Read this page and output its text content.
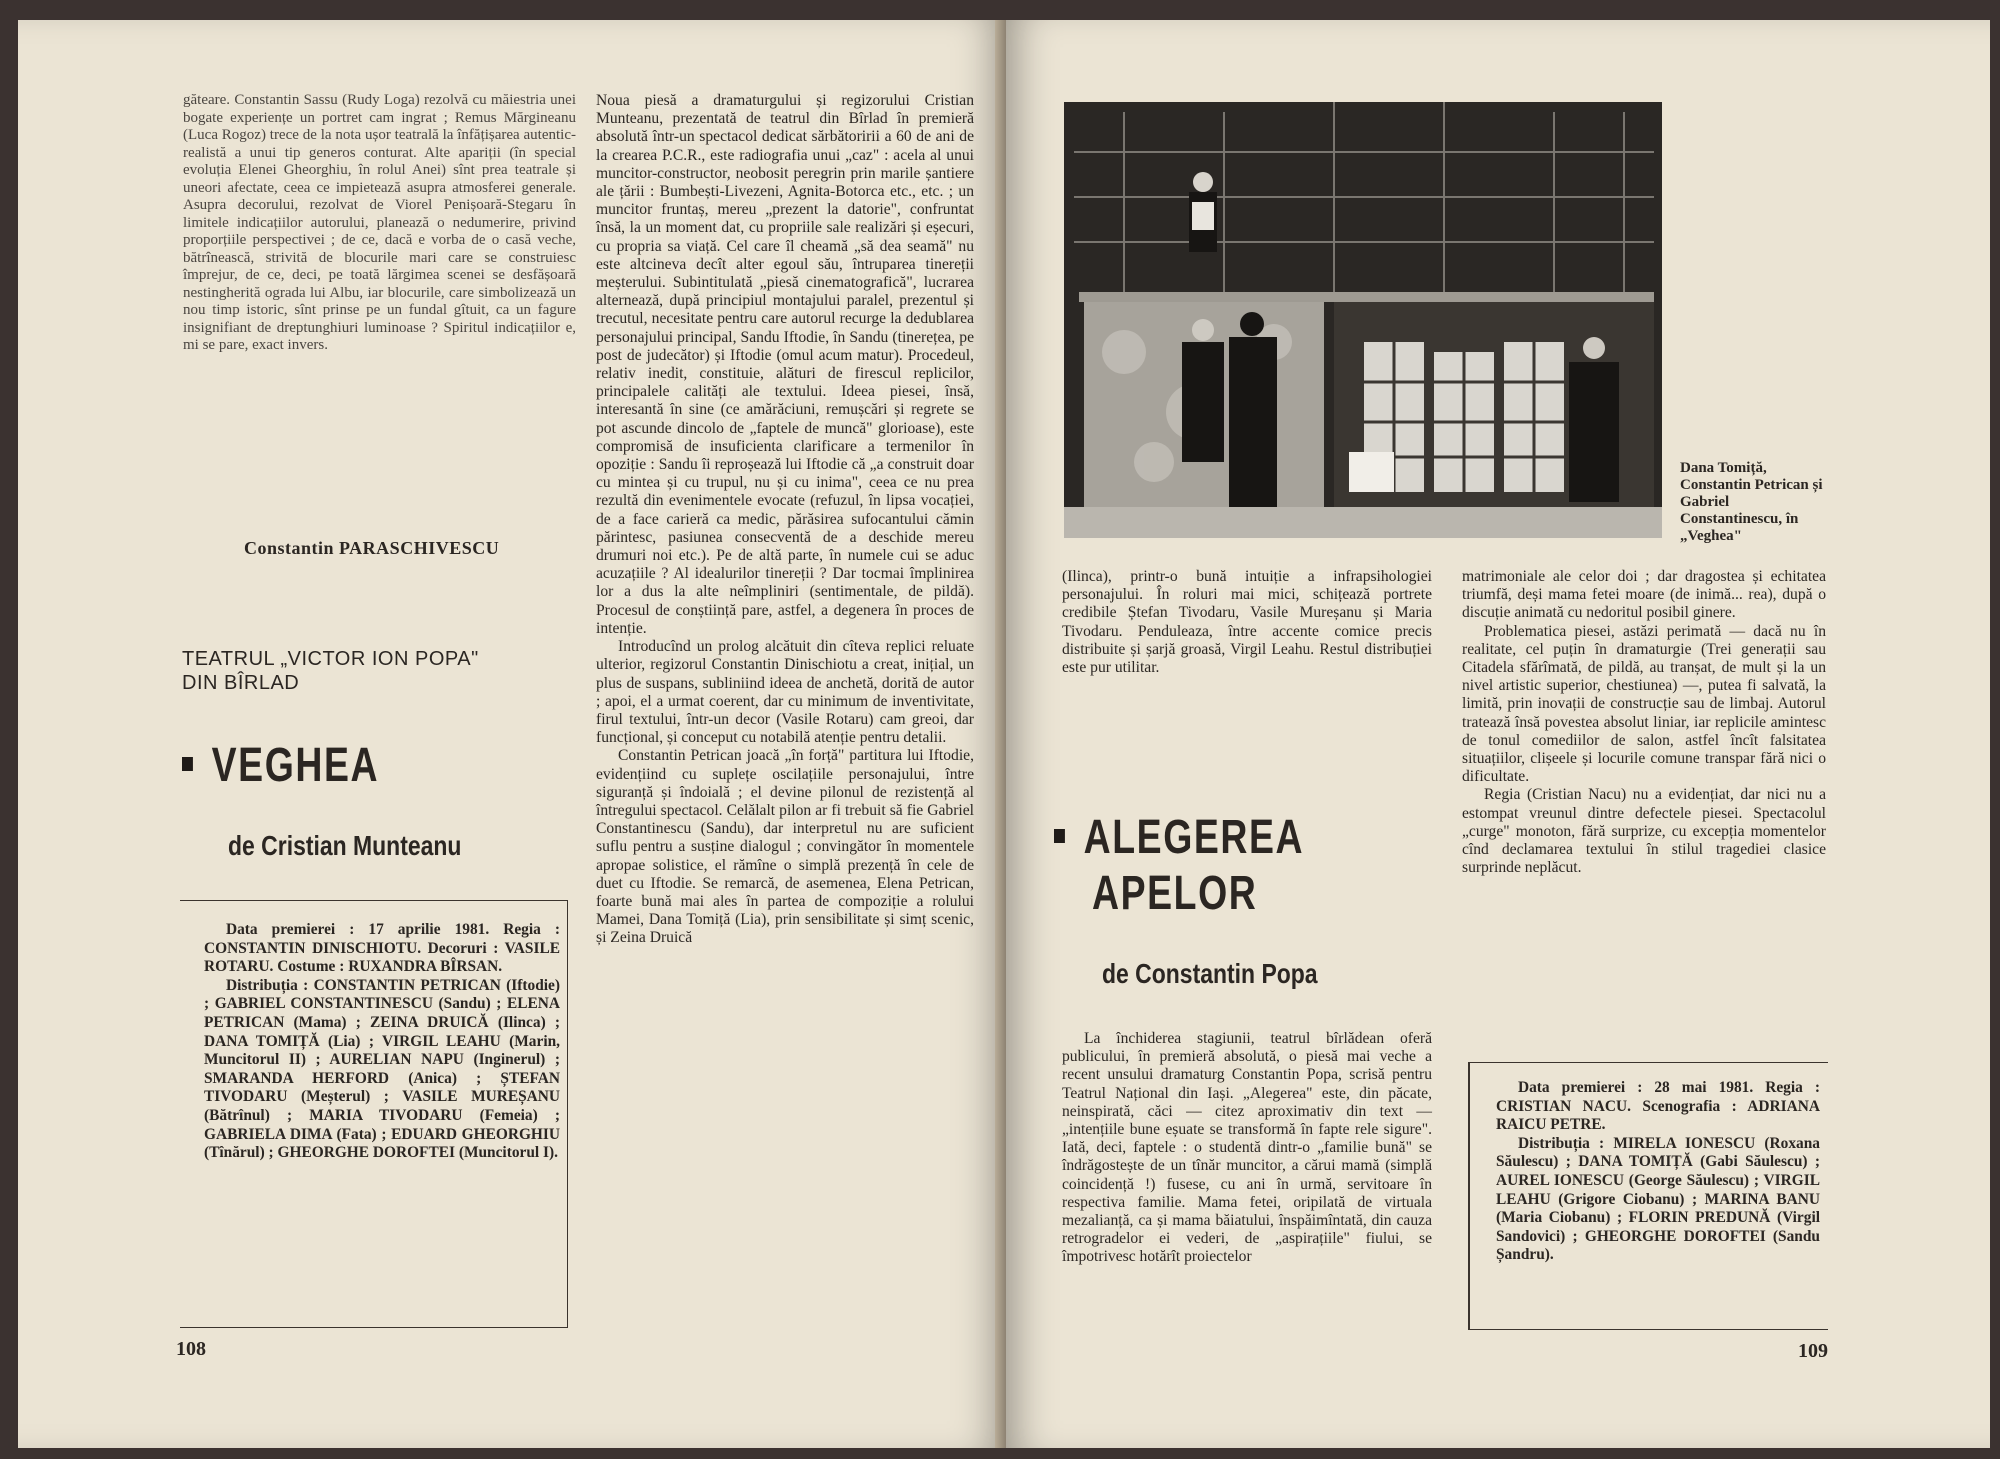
găteare. Constantin Sassu (Rudy Loga) rezolvă cu măiestria unei bogate experiențe un portret cam ingrat ; Remus Mărgineanu (Luca Rogoz) trece de la nota ușor teatrală la înfățișarea autentic-realistă a unui tip generos conturat. Alte apariții (în special evoluția Elenei Gheorghiu, în rolul Anei) sînt prea teatrale și uneori afectate, ceea ce impietează asupra atmosferei generale. Asupra decorului, rezolvat de Viorel Penișoară-Stegaru în limitele indicațiilor autorului, planează o nedumerire, privind proporțiile perspectivei ; de ce, dacă e vorba de o casă veche, bătrînească, strivită de blocurile mari care se construiesc împrejur, de ce, deci, pe toată lărgimea scenei se desfășoară nestingherită ograda lui Albu, iar blocurile, care simbolizează un nou timp istoric, sînt prinse pe un fundal gîtuit, ca un fagure insignifiant de dreptunghiuri luminoase ? Spiritul indicațiilor e, mi se pare, exact invers.

Constantin PARASCHIVESCU
TEATRUL „VICTOR ION POPA" DIN BÎRLAD
VEGHEA
de Cristian Munteanu

Data premierei : 17 aprilie 1981. Regia : CONSTANTIN DINISCHIOTU. Decoruri : VASILE ROTARU. Costume : RUXANDRA BÎRSAN.

Distribuția : CONSTANTIN PETRICAN (Iftodie) ; GABRIEL CONSTANTINESCU (Sandu) ; ELENA PETRICAN (Mama) ; ZEINA DRUICĂ (Ilinca) ; DANA TOMIȚĂ (Lia) ; VIRGIL LEAHU (Marin, Muncitorul II) ; AURELIAN NAPU (Inginerul) ; SMARANDA HERFORD (Anica) ; ȘTEFAN TIVODARU (Meșterul) ; VASILE MUREȘANU (Bătrînul) ; MARIA TIVODARU (Femeia) ; GABRIELA DIMA (Fata) ; EDUARD GHEORGHIU (Tînărul) ; GHEORGHE DOROFTEI (Muncitorul I).

Noua piesă a dramaturgului și regizorului Cristian Munteanu, prezentată de teatrul din Bîrlad în premieră absolută într-un spectacol dedicat sărbătoririi a 60 de ani de la crearea P.C.R., este radiografia unui „caz" : acela al unui muncitor-constructor, neobosit peregrin prin marile șantiere ale țării : Bumbești-Livezeni, Agnita-Botorca etc., etc. ; un muncitor fruntaș, mereu „prezent la datorie", confruntat însă, la un moment dat, cu propriile sale realizări și eșecuri, cu propria sa viață. Cel care îl cheamă „să dea seamă" nu este altcineva decît alter egoul său, întruparea tinereții meșterului. Subintitulată „piesă cinematografică", lucrarea alternează, după principiul montajului paralel, prezentul și trecutul, necesitate pentru care autorul recurge la dedublarea personajului principal, Sandu Iftodie, în Sandu (tinerețea, pe post de judecător) și Iftodie (omul acum matur). Procedeul, relativ inedit, constituie, alături de firescul replicilor, principalele calități ale textului. Ideea piesei, însă, interesantă în sine (ce amărăciuni, remușcări și regrete se pot ascunde dincolo de „faptele de muncă" glorioase), este compromisă de insuficienta clarificare a termenilor în opoziție : Sandu îi reproșează lui Iftodie că „a construit doar cu mintea și cu trupul, nu și cu inima", ceea ce nu prea rezultă din evenimentele evocate (refuzul, în lipsa vocației, de a face carieră ca medic, părăsirea sufocantului cămin părintesc, pasiunea consecventă de a deschide mereu drumuri noi etc.). Pe de altă parte, în numele cui se aduc acuzațiile ? Al idealurilor tinereții ? Dar tocmai împlinirea lor a dus la alte neîmpliniri (sentimentale, de pildă). Procesul de conștiință pare, astfel, a degenera în proces de intenție.

Introducînd un prolog alcătuit din cîteva replici reluate ulterior, regizorul Constantin Dinischiotu a creat, inițial, un plus de suspans, subliniind ideea de anchetă, dorită de autor ; apoi, el a urmat coerent, dar cu minimum de inventivitate, firul textului, într-un decor (Vasile Rotaru) cam greoi, dar funcțional, și conceput cu notabilă atenție pentru detalii.

Constantin Petrican joacă „în forță" partitura lui Iftodie, evidențiind cu suplețe oscilațiile personajului, între siguranță și îndoială ; el devine pilonul de rezistență al întregului spectacol. Celălalt pilon ar fi trebuit să fie Gabriel Constantinescu (Sandu), dar interpretul nu are suficient suflu pentru a susține dialogul ; convingător în momentele apropae solistice, el rămîne o simplă prezență în cele de duet cu Iftodie. Se remarcă, de asemenea, Elena Petrican, foarte bună mai ales în partea de compoziție a rolului Mamei, Dana Tomiță (Lia), prin sensibilitate și simț scenic, și Zeina Druică

108
Dana Tomiță, Constantin Petrican și Gabriel Constantinescu, în „Veghea"

(Ilinca), printr-o bună intuiție a infrapsihologiei personajului. În roluri mai mici, schițează portrete credibile Ștefan Tivodaru, Vasile Mureșanu și Maria Tivodaru. Penduleaza, între accente comice precis distribuite și șarjă groasă, Virgil Leahu. Restul distribuției este pur utilitar.

ALEGEREA
APELOR
de Constantin Popa

La închiderea stagiunii, teatrul bîrlădean oferă publicului, în premieră absolută, o piesă mai veche a recent unsului dramaturg Constantin Popa, scrisă pentru Teatrul Național din Iași. „Alegerea" este, din păcate, neinspirată, căci — citez aproximativ din text — „intențiile bune eșuate se transformă în fapte rele sigure". Iată, deci, faptele : o studentă dintr-o „familie bună" se îndrăgostește de un tînăr muncitor, a cărui mamă (simplă coincidență !) fusese, cu ani în urmă, servitoare în respectiva familie. Mama fetei, oripilată de virtuala mezalianță, ca și mama băiatului, înspăimîntată, din cauza retrogradelor ei vederi, de „aspirațiile" fiului, se împotrivesc hotărît proiectelor

matrimoniale ale celor doi ; dar dragostea și echitatea triumfă, deși mama fetei moare (de inimă... rea), după o discuție animată cu nedoritul posibil ginere.

Problematica piesei, astăzi perimată — dacă nu în realitate, cel puțin în dramaturgie (Trei generații sau Citadela sfărîmată, de pildă, au tranșat, de mult și la un nivel artistic superior, chestiunea) —, putea fi salvată, la limită, prin inovații de construcție sau de limbaj. Autorul tratează însă povestea absolut liniar, iar replicile amintesc de tonul comediilor de salon, astfel încît falsitatea situațiilor, clișeele și locurile comune transpar fără nici o dificultate.

Regia (Cristian Nacu) nu a evidențiat, dar nici nu a estompat vreunul dintre defectele piesei. Spectacolul „curge" monoton, fără surprize, cu excepția momentelor cînd declamarea textului în stilul tragediei clasice surprinde neplăcut.

Data premierei : 28 mai 1981. Regia : CRISTIAN NACU. Scenografia : ADRIANA RAICU PETRE.

Distribuția : MIRELA IONESCU (Roxana Săulescu) ; DANA TOMIȚĂ (Gabi Săulescu) ; AUREL IONESCU (George Săulescu) ; VIRGIL LEAHU (Grigore Ciobanu) ; MARINA BANU (Maria Ciobanu) ; FLORIN PREDUNĂ (Virgil Sandovici) ; GHEORGHE DOROFTEI (Sandu Șandru).

109
